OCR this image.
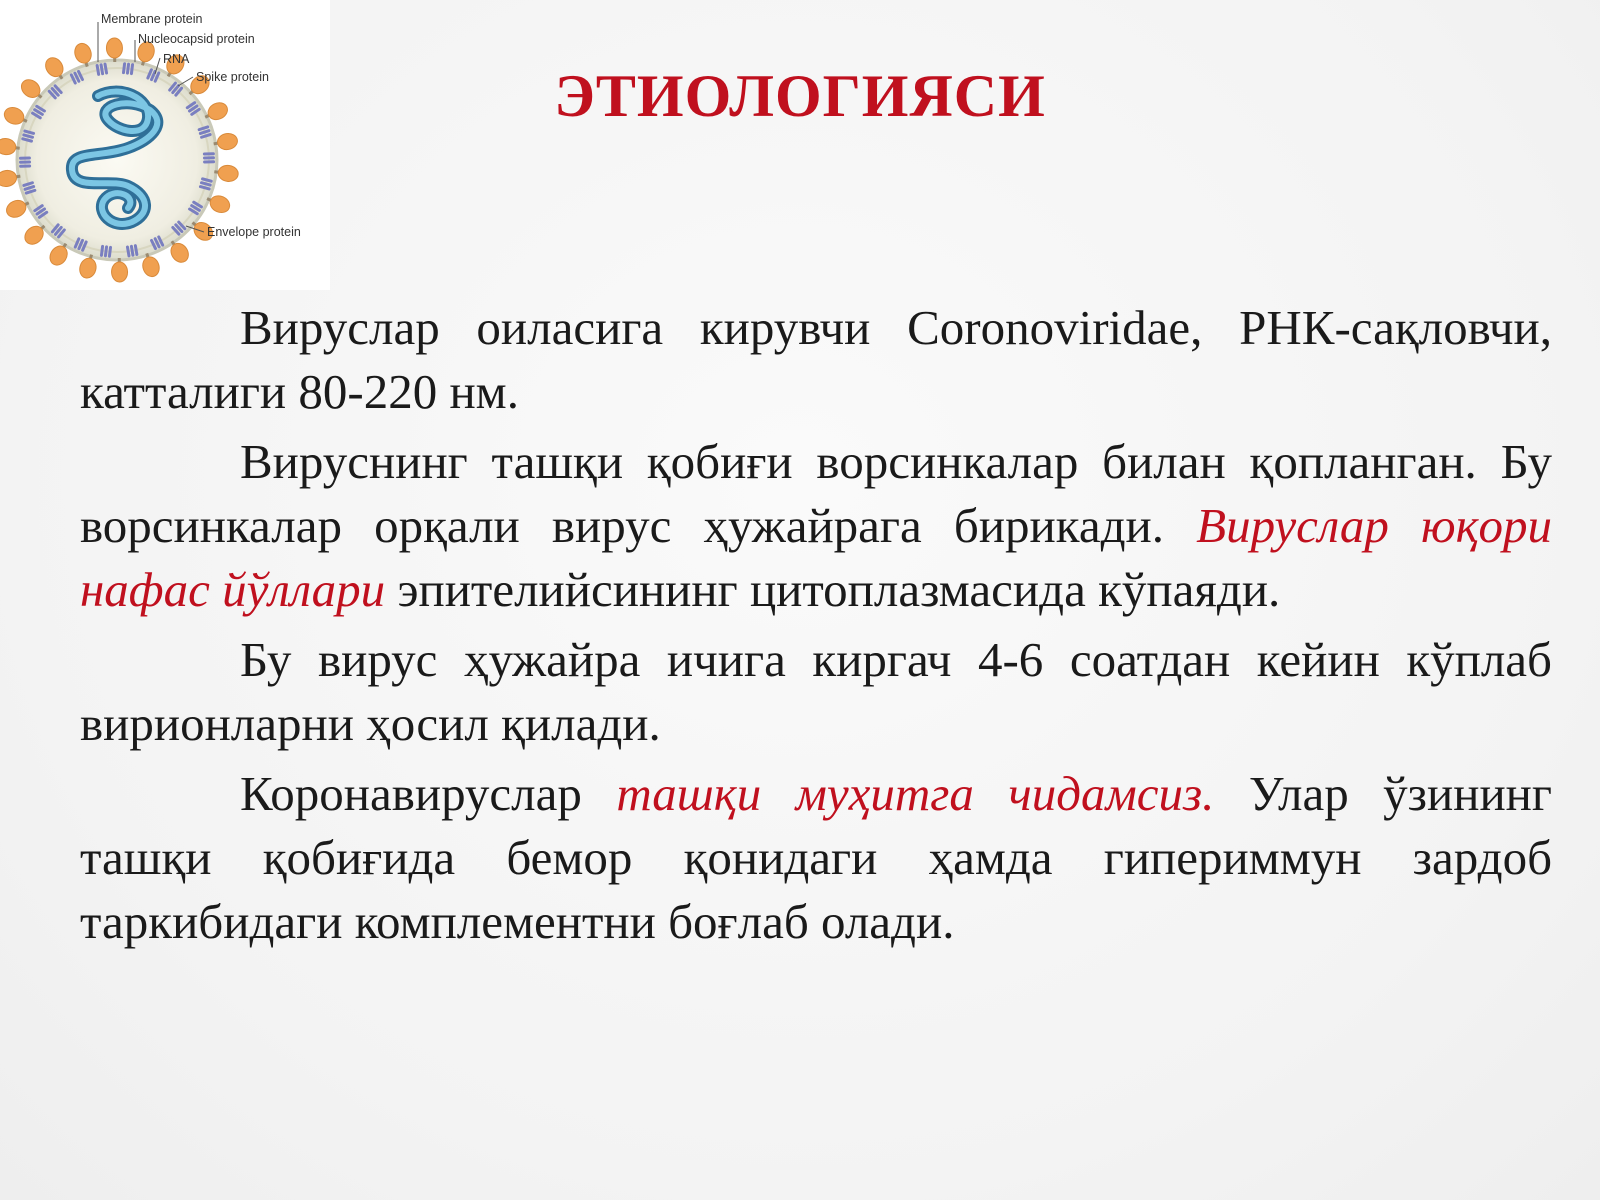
Membrane protein
Nucleocapsid protein
RNA
Spike protein
Envelope protein
ЭТИОЛОГИЯСИ

Вируслар оиласига кирувчи Coronoviridae, РНК-сақловчи, катталиги 80-220 нм.

Вируснинг ташқи қобиғи ворсинкалар билан қопланган. Бу ворсинкалар орқали вирус ҳужайрага бирикади. Вируслар юқори нафас йўллари эпителийсининг цитоплазмасида кўпаяди.

Бу вирус ҳужайра ичига киргач 4-6 соатдан кейин кўплаб вирионларни ҳосил қилади.

Коронавируслар ташқи муҳитга чидамсиз. Улар ўзининг ташқи қобиғида бемор қонидаги ҳамда гипериммун зардоб таркибидаги комплементни боғлаб олади.
